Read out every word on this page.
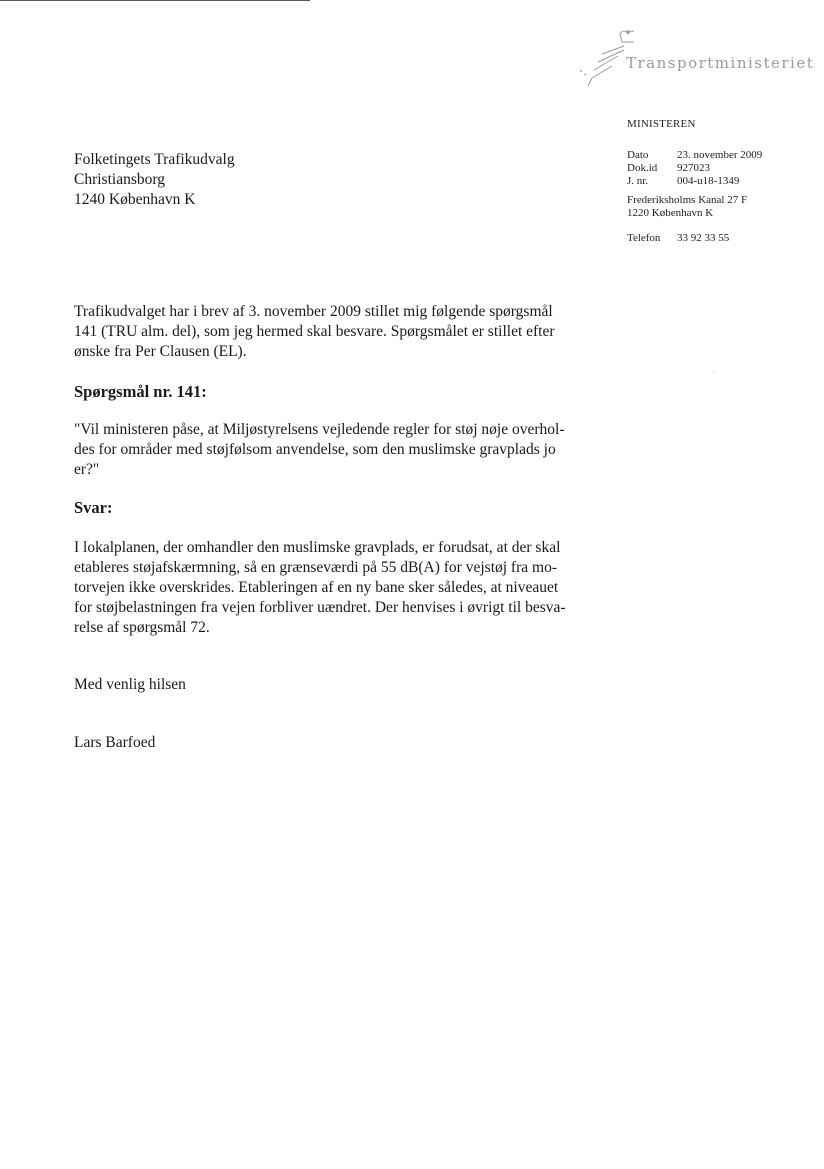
Transportministeriet
MINISTEREN
Dato	23. november 2009
Dok.id	927023
J. nr.	004-u18-1349
Frederiksholms Kanal 27 F
1220 København K
Telefon	33 92 33 55
Folketingets Trafikudvalg
Christiansborg
1240 København K

Trafikudvalget har i brev af 3. november 2009 stillet mig følgende spørgsmål

141 (TRU alm. del), som jeg hermed skal besvare. Spørgsmålet er stillet efter

ønske fra Per Clausen (EL).

Spørgsmål nr. 141:

"Vil ministeren påse, at Miljøstyrelsens vejledende regler for støj nøje overhol-

des for områder med støjfølsom anvendelse, som den muslimske gravplads jo

er?"

Svar:

I lokalplanen, der omhandler den muslimske gravplads, er forudsat, at der skal

etableres støjafskærmning, så en grænseværdi på 55 dB(A) for vejstøj fra mo-

torvejen ikke overskrides. Etableringen af en ny bane sker således, at niveauet

for støjbelastningen fra vejen forbliver uændret. Der henvises i øvrigt til besva-

relse af spørgsmål 72.

Med venlig hilsen
Lars Barfoed
